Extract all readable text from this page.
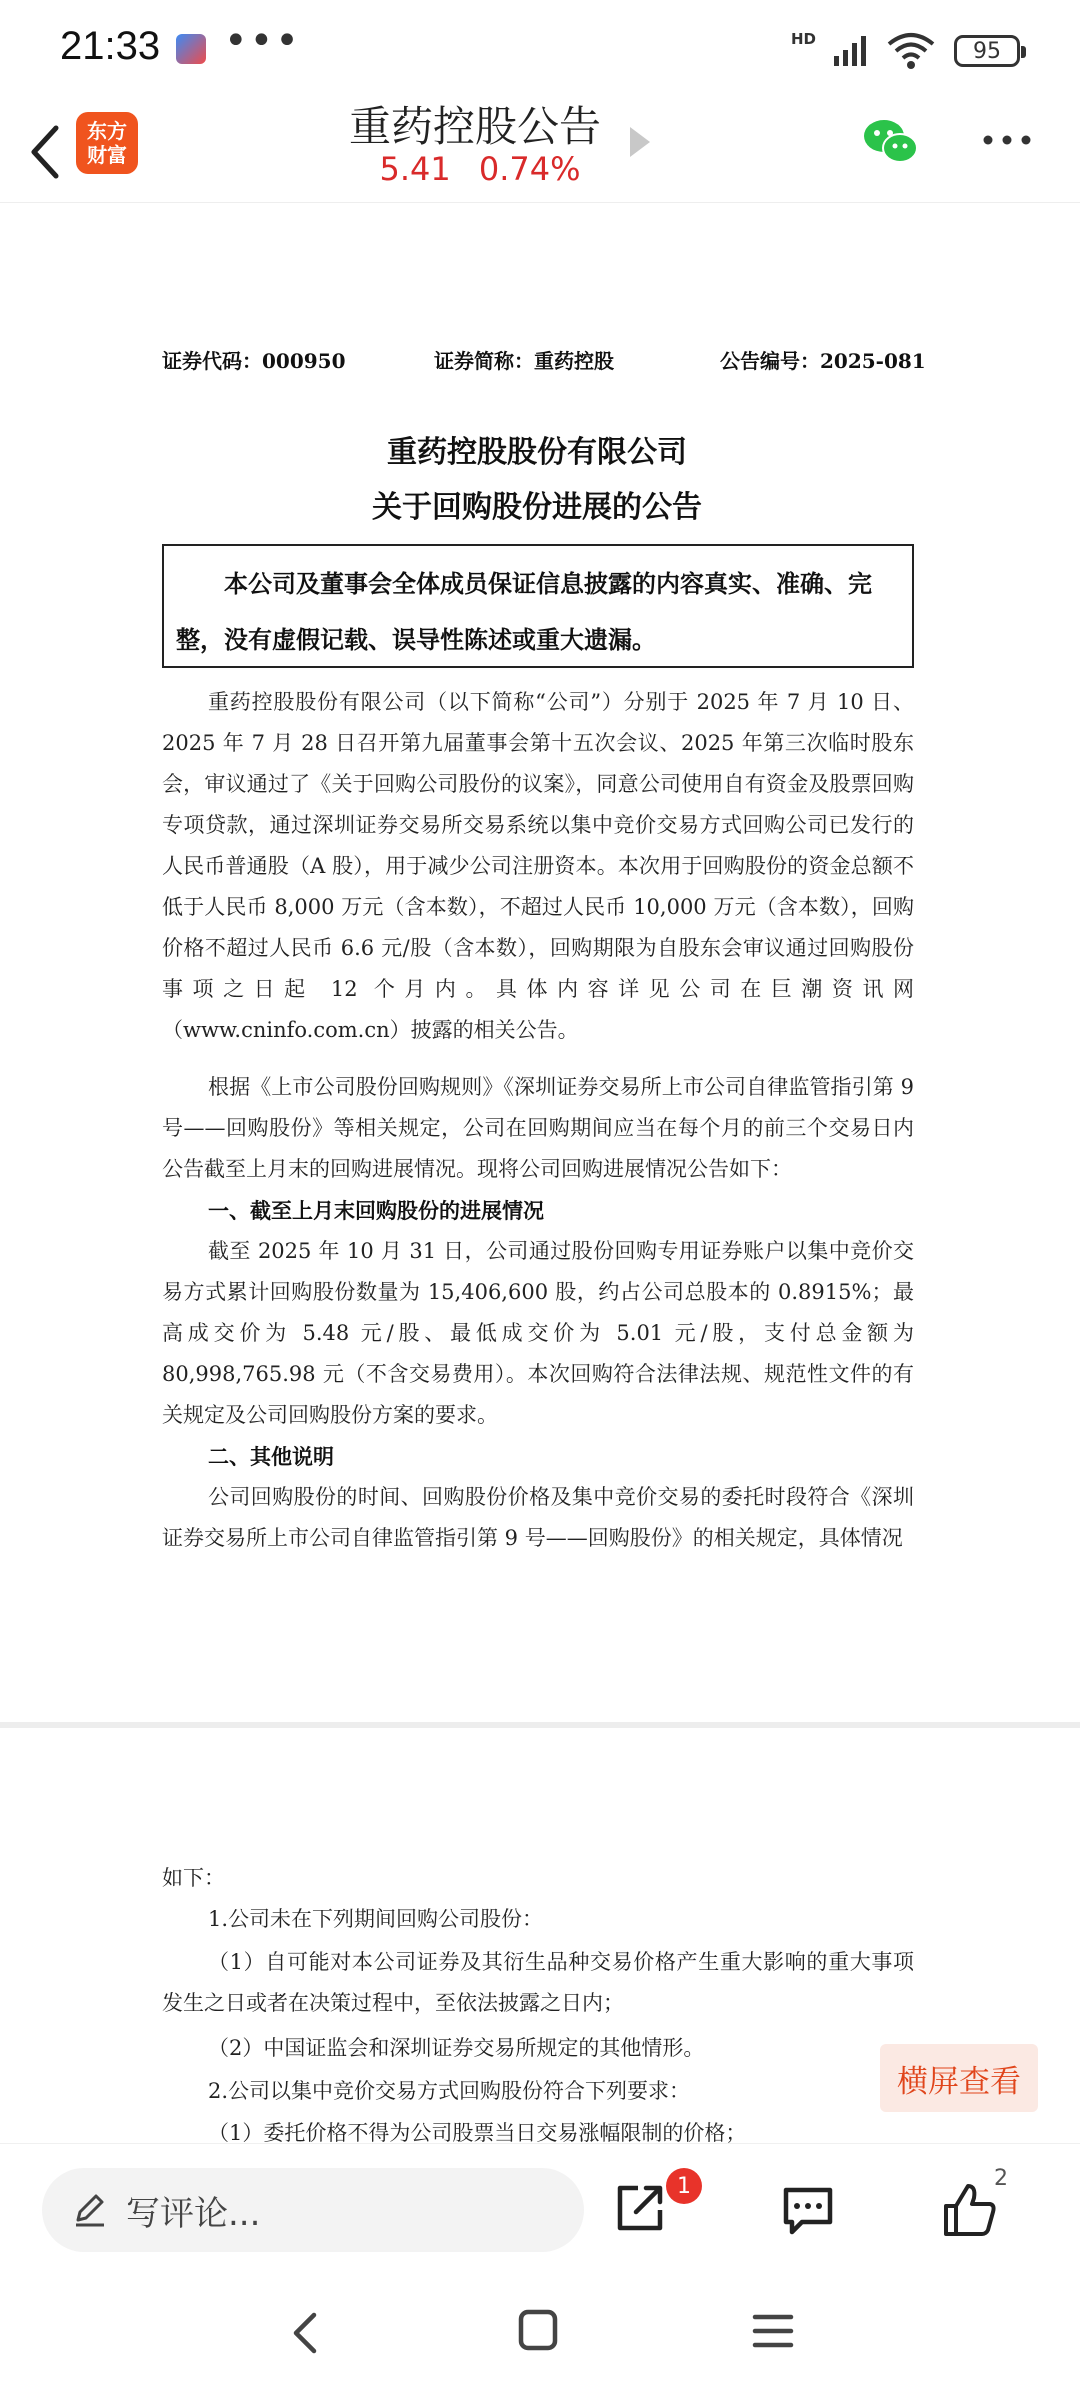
21:33 •••	HD	95
东方
财富
重药控股公告
5.41 0.74%
证券代码：000950	证券简称：重药控股	公告编号：2025-081
重药控股股份有限公司
关于回购股份进展的公告
本公司及董事会全体成员保证信息披露的内容真实、准确、完整，没有虚假记载、误导性陈述或重大遗漏。
重药控股股份有限公司（以下简称“公司”）分别于 2025 年 7 月 10 日、2025 年 7 月 28 日召开第九届董事会第十五次会议、2025 年第三次临时股东会，审议通过了《关于回购公司股份的议案》，同意公司使用自有资金及股票回购专项贷款，通过深圳证券交易所交易系统以集中竞价交易方式回购公司已发行的人民币普通股（A 股），用于减少公司注册资本。本次用于回购股份的资金总额不低于人民币 8,000 万元（含本数），不超过人民币 10,000 万元（含本数），回购价格不超过人民币 6.6 元/股（含本数），回购期限为自股东会审议通过回购股份事项之日起 12 个月内。具体内容详见公司在巨潮资讯网（www.cninfo.com.cn）披露的相关公告。
根据《上市公司股份回购规则》《深圳证券交易所上市公司自律监管指引第 9 号——回购股份》等相关规定，公司在回购期间应当在每个月的前三个交易日内公告截至上月末的回购进展情况。现将公司回购进展情况公告如下：
一、截至上月末回购股份的进展情况
截至 2025 年 10 月 31 日，公司通过股份回购专用证券账户以集中竞价交易方式累计回购股份数量为 15,406,600 股，约占公司总股本的 0.8915%；最高成交价为 5.48 元/股、最低成交价为 5.01 元/股，支付总金额为 80,998,765.98 元（不含交易费用）。本次回购符合法律法规、规范性文件的有关规定及公司回购股份方案的要求。
二、其他说明
公司回购股份的时间、回购股份价格及集中竞价交易的委托时段符合《深圳证券交易所上市公司自律监管指引第 9 号——回购股份》的相关规定，具体情况
如下：
1.公司未在下列期间回购公司股份：
（1）自可能对本公司证券及其衍生品种交易价格产生重大影响的重大事项发生之日或者在决策过程中，至依法披露之日内；
（2）中国证监会和深圳证券交易所规定的其他情形。
2.公司以集中竞价交易方式回购股份符合下列要求：
（1）委托价格不得为公司股票当日交易涨幅限制的价格；
横屏查看
写评论...
1	2
